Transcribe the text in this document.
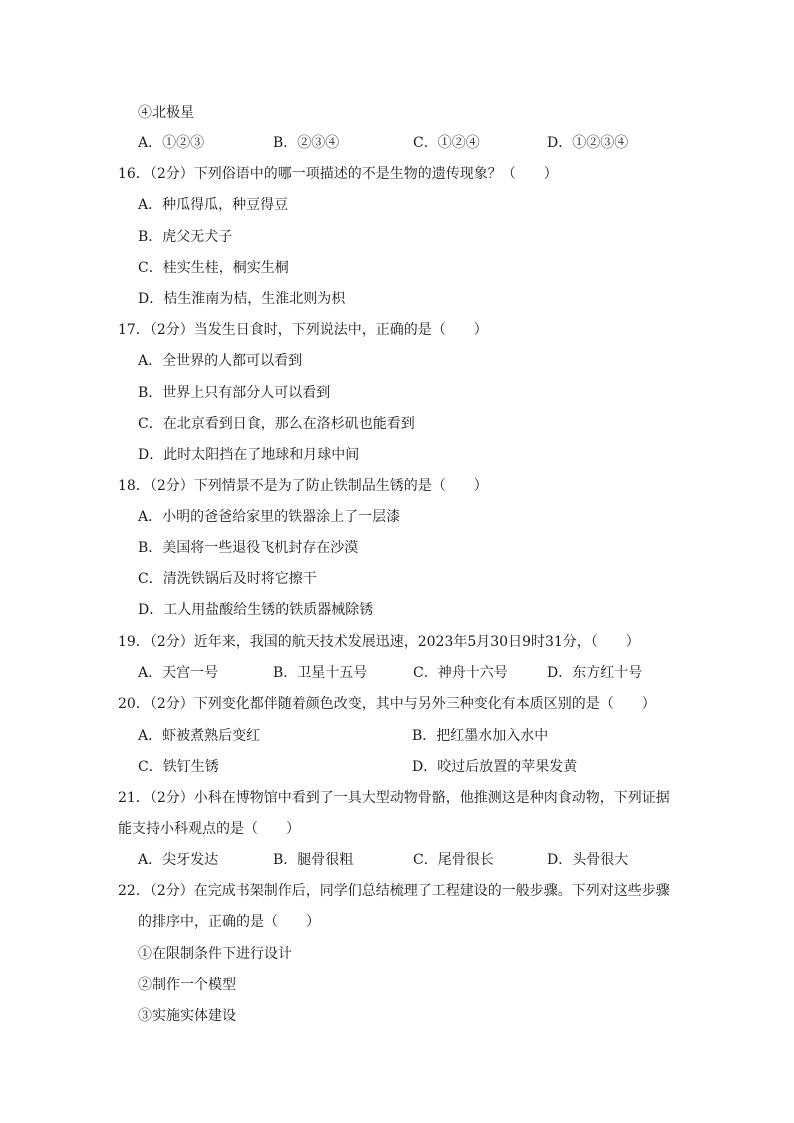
④北极星
A．①②③	B．②③④	C．①②④	D．①②③④
16．（2分）下列俗语中的哪一项描述的不是生物的遗传现象？（　　）
A．种瓜得瓜，种豆得豆
B．虎父无犬子
C．桂实生桂，桐实生桐
D．桔生淮南为桔，生淮北则为枳
17．（2分）当发生日食时，下列说法中，正确的是（　　）
A．全世界的人都可以看到
B．世界上只有部分人可以看到
C．在北京看到日食，那么在洛杉矶也能看到
D．此时太阳挡在了地球和月球中间
18．（2分）下列情景不是为了防止铁制品生锈的是（　　）
A．小明的爸爸给家里的铁器涂上了一层漆
B．美国将一些退役飞机封存在沙漠
C．清洗铁锅后及时将它擦干
D．工人用盐酸给生锈的铁质器械除锈
19．（2分）近年来，我国的航天技术发展迅速，2023年5月30日9时31分，（　　）
A．天宫一号	B．卫星十五号	C．神舟十六号	D．东方红十号
20．（2分）下列变化都伴随着颜色改变，其中与另外三种变化有本质区别的是（　　）
A．虾被煮熟后变红	B．把红墨水加入水中
C．铁钉生锈	D．咬过后放置的苹果发黄
21．（2分）小科在博物馆中看到了一具大型动物骨骼，他推测这是种肉食动物，下列证据
能支持小科观点的是（　　）
A．尖牙发达	B．腿骨很粗	C．尾骨很长	D．头骨很大
22．（2分）在完成书架制作后，同学们总结梳理了工程建设的一般步骤。下列对这些步骤
的排序中，正确的是（　　）
①在限制条件下进行设计
②制作一个模型
③实施实体建设
